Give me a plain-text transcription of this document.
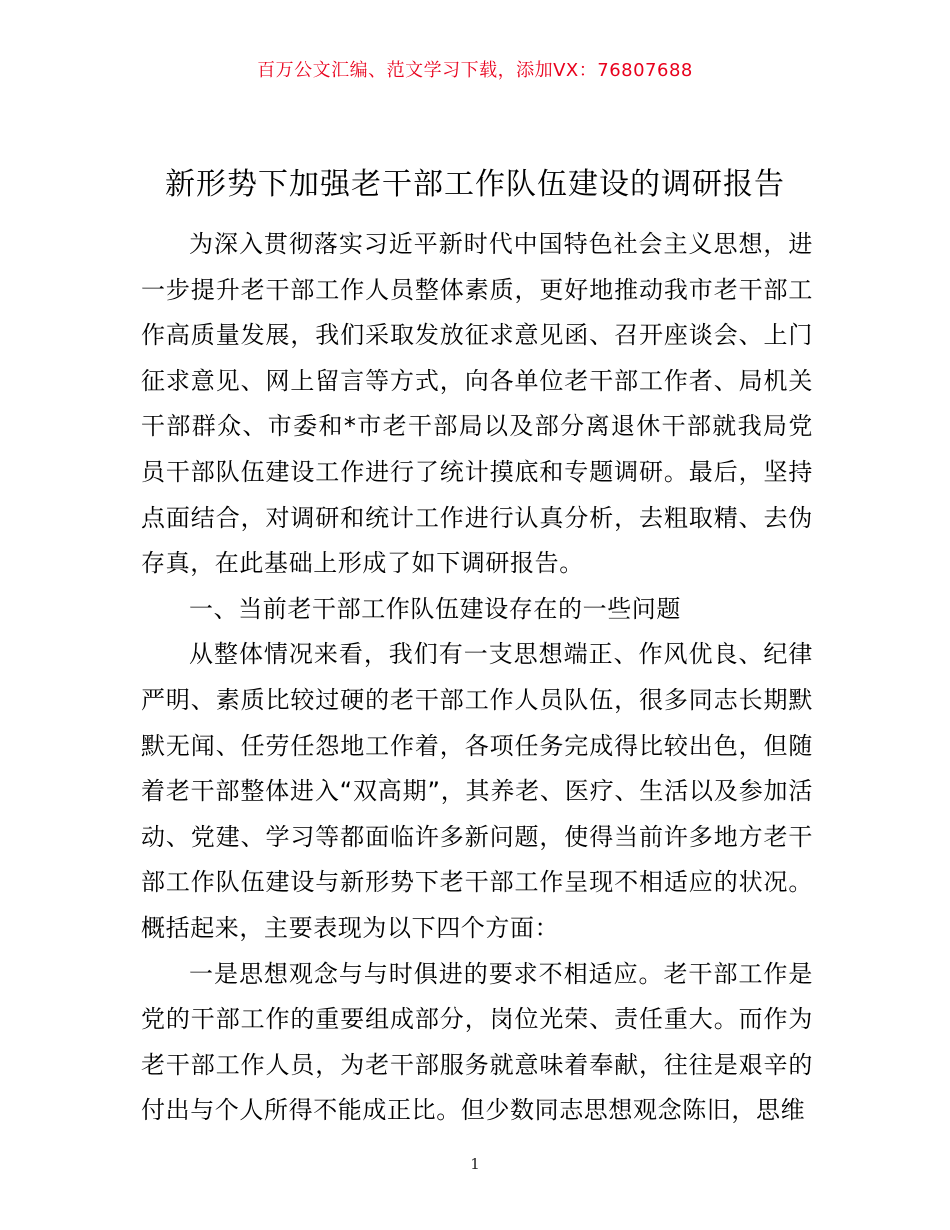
百万公文汇编、范文学习下载，添加VX：76807688
新形势下加强老干部工作队伍建设的调研报告

为深入贯彻落实习近平新时代中国特色社会主义思想，进一步提升老干部工作人员整体素质，更好地推动我市老干部工作高质量发展，我们采取发放征求意见函、召开座谈会、上门征求意见、网上留言等方式，向各单位老干部工作者、局机关干部群众、市委和*市老干部局以及部分离退休干部就我局党员干部队伍建设工作进行了统计摸底和专题调研。最后，坚持点面结合，对调研和统计工作进行认真分析，去粗取精、去伪存真，在此基础上形成了如下调研报告。

一、当前老干部工作队伍建设存在的一些问题

从整体情况来看，我们有一支思想端正、作风优良、纪律严明、素质比较过硬的老干部工作人员队伍，很多同志长期默默无闻、任劳任怨地工作着，各项任务完成得比较出色，但随着老干部整体进入“双高期”，其养老、医疗、生活以及参加活动、党建、学习等都面临许多新问题，使得当前许多地方老干部工作队伍建设与新形势下老干部工作呈现不相适应的状况。概括起来，主要表现为以下四个方面：

一是思想观念与与时俱进的要求不相适应。老干部工作是党的干部工作的重要组成部分，岗位光荣、责任重大。而作为老干部工作人员，为老干部服务就意味着奉献，往往是艰辛的付出与个人所得不能成正比。但少数同志思想观念陈旧，思维

1
